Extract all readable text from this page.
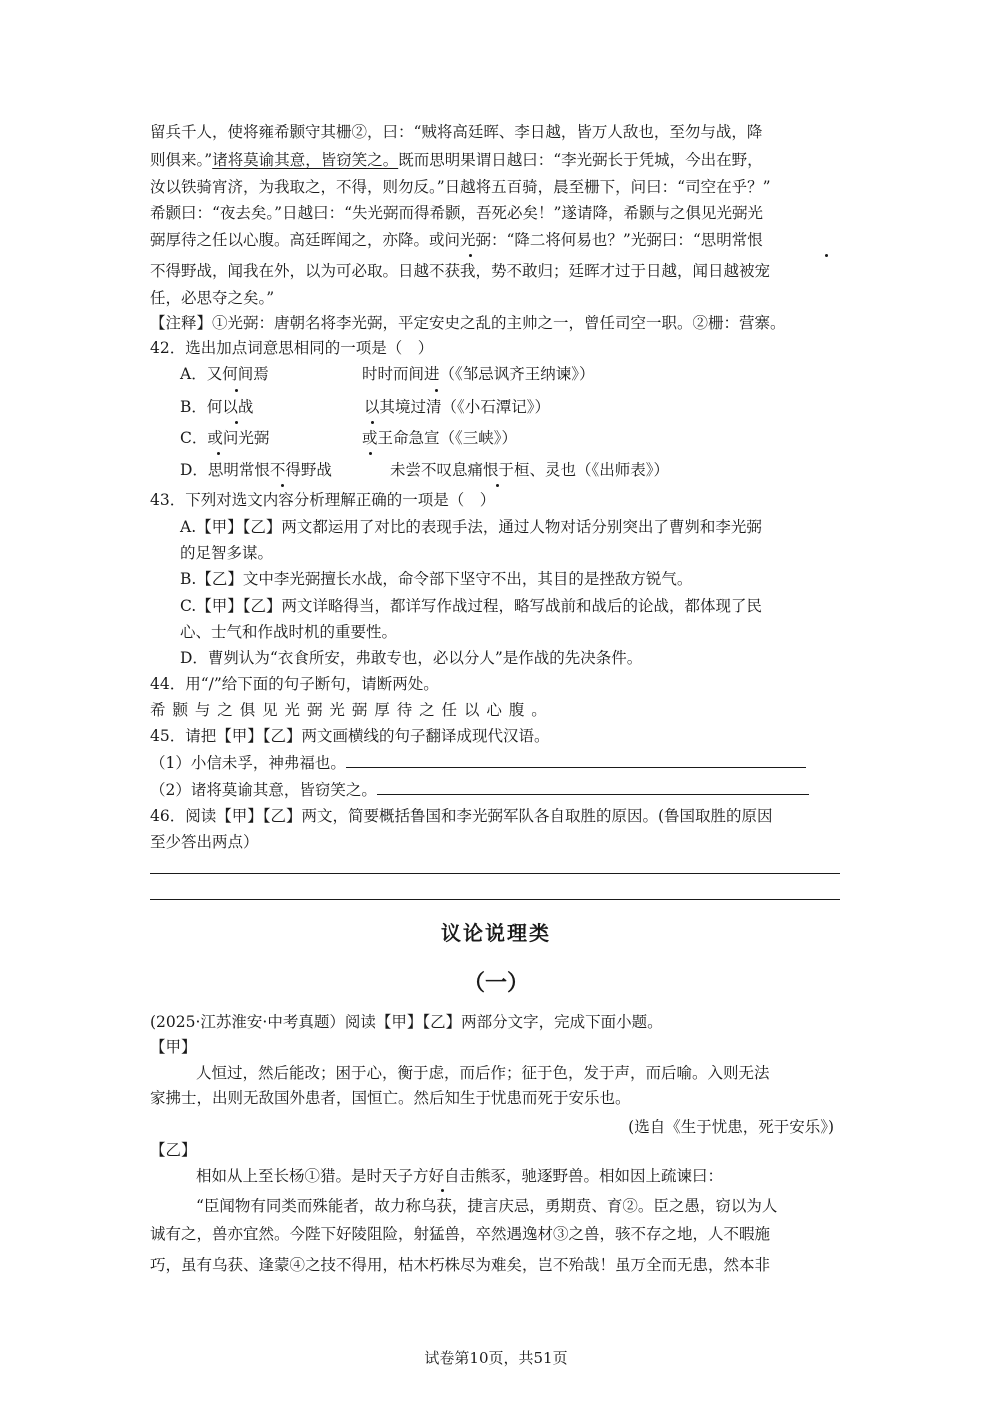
留兵千人，使将雍希颢守其栅②，曰：“贼将高廷晖、李日越，皆万人敌也，至勿与战，降
则俱来。”诸将莫谕其意，皆窃笑之。既而思明果谓日越曰：“李光弼长于凭城，今出在野，
汝以铁骑宵济，为我取之，不得，则勿反。”日越将五百骑，晨至栅下，问曰：“司空在乎？”
希颢曰：“夜去矣。”日越曰：“失光弼而得希颢，吾死必矣！”遂请降，希颢与之俱见光弼光
弼厚待之任以心腹。高廷晖闻之，亦降。或问光弼：“降二将何易也？”光弼曰：“思明常恨
不得野战，闻我在外，以为可必取。日越不获我，势不敢归；廷晖才过于日越，闻日越被宠
任，必思夺之矣。”
【注释】①光弼：唐朝名将李光弼，平定安史之乱的主帅之一，曾任司空一职。②栅：营寨。
42．选出加点词意思相同的一项是（　）
A．又何间焉	时时而间进（《邹忌讽齐王纳谏》）
B．何以战	以其境过清（《小石潭记》）
C．或问光弼	或王命急宣（《三峡》）
D．思明常恨不得野战	未尝不叹息痛恨于桓、灵也（《出师表》）
43．下列对选文内容分析理解正确的一项是（　）
A.【甲】【乙】两文都运用了对比的表现手法，通过人物对话分别突出了曹刿和李光弼
的足智多谋。
B.【乙】文中李光弼擅长水战，命令部下坚守不出，其目的是挫敌方锐气。
C.【甲】【乙】两文详略得当，都详写作战过程，略写战前和战后的论战，都体现了民
心、士气和作战时机的重要性。
D．曹刿认为“衣食所安，弗敢专也，必以分人”是作战的先决条件。
44．用“/”给下面的句子断句，请断两处。
希 颢 与 之 俱 见 光 弼 光 弼 厚 待 之 任 以 心 腹 。
45．请把【甲】【乙】两文画横线的句子翻译成现代汉语。
（1）小信未孚，神弗福也。
（2）诸将莫谕其意，皆窃笑之。
46．阅读【甲】【乙】两文，简要概括鲁国和李光弼军队各自取胜的原因。(鲁国取胜的原因
至少答出两点）
议论说理类
（一）
(2025·江苏淮安·中考真题）阅读【甲】【乙】两部分文字，完成下面小题。
【甲】
人恒过，然后能改；困于心，衡于虑，而后作；征于色，发于声，而后喻。入则无法
家拂士，出则无敌国外患者，国恒亡。然后知生于忧患而死于安乐也。
(选自《生于忧患，死于安乐》)
【乙】
相如从上至长杨①猎。是时天子方好自击熊豕，驰逐野兽。相如因上疏谏曰：
“臣闻物有同类而殊能者，故力称乌获，捷言庆忌，勇期贲、育②。臣之愚，窃以为人
诚有之，兽亦宜然。今陛下好陵阻险，射猛兽，卒然遇逸材③之兽，骇不存之地，人不暇施
巧，虽有乌获、逢蒙④之技不得用，枯木朽株尽为难矣，岂不殆哉！虽万全而无患，然本非
试卷第10页，共51页
